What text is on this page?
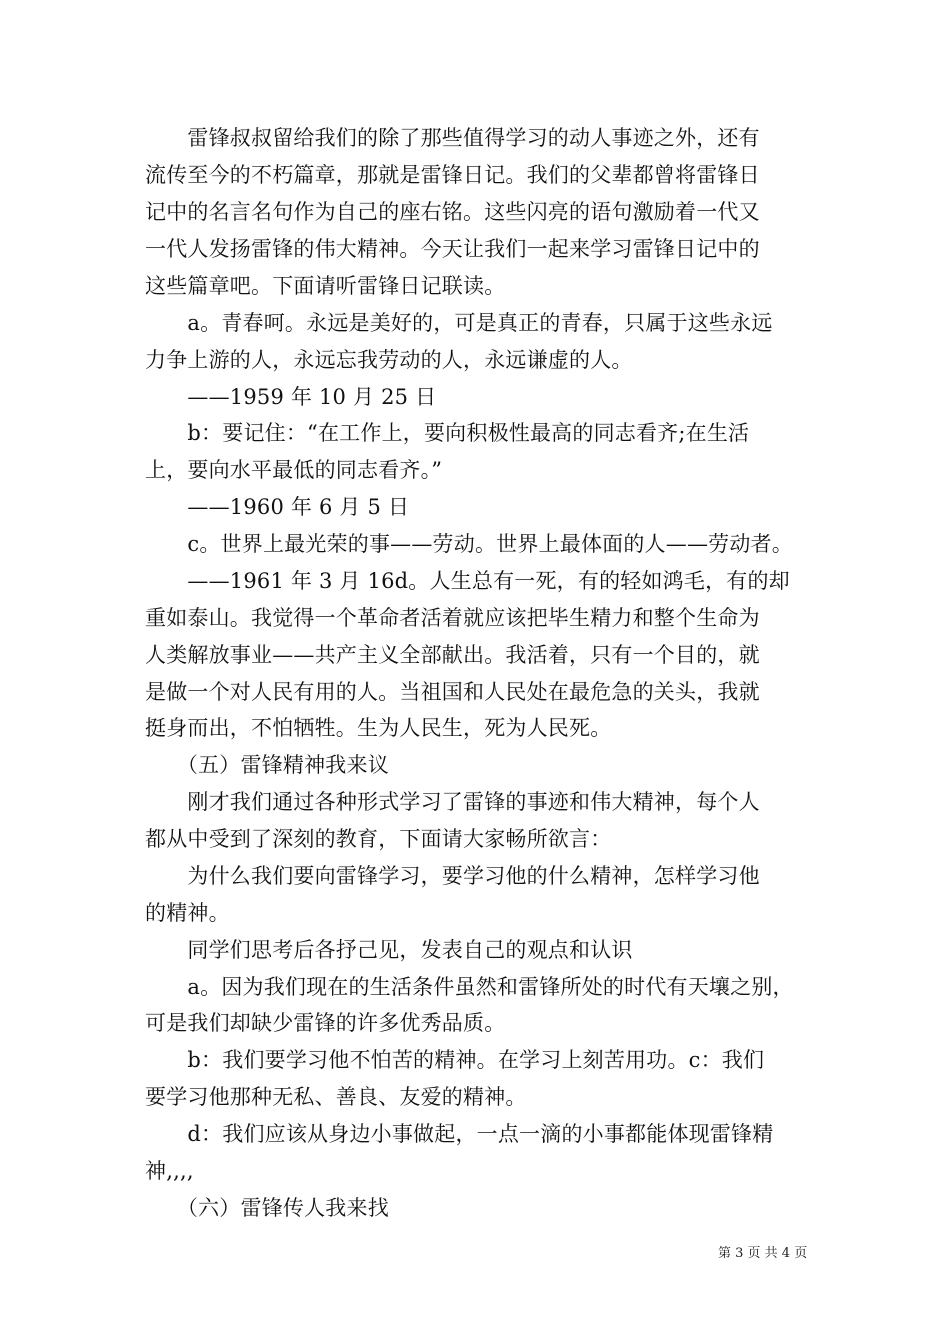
　　雷锋叔叔留给我们的除了那些值得学习的动人事迹之外，还有
流传至今的不朽篇章，那就是雷锋日记。我们的父辈都曾将雷锋日
记中的名言名句作为自己的座右铭。这些闪亮的语句激励着一代又
一代人发扬雷锋的伟大精神。今天让我们一起来学习雷锋日记中的
这些篇章吧。下面请听雷锋日记联读。
　　a。青春呵。永远是美好的，可是真正的青春，只属于这些永远
力争上游的人，永远忘我劳动的人，永远谦虚的人。
　　——1959 年 10 月 25 日
　　b：要记住：“在工作上，要向积极性最高的同志看齐;在生活
上，要向水平最低的同志看齐。”
　　——1960 年 6 月 5 日
　　c。世界上最光荣的事——劳动。世界上最体面的人——劳动者。
　　——1961 年 3 月 16d。人生总有一死，有的轻如鸿毛，有的却
重如泰山。我觉得一个革命者活着就应该把毕生精力和整个生命为
人类解放事业——共产主义全部献出。我活着，只有一个目的，就
是做一个对人民有用的人。当祖国和人民处在最危急的关头，我就
挺身而出，不怕牺牲。生为人民生，死为人民死。
　　（五）雷锋精神我来议
　　刚才我们通过各种形式学习了雷锋的事迹和伟大精神，每个人
都从中受到了深刻的教育，下面请大家畅所欲言：
　　为什么我们要向雷锋学习，要学习他的什么精神，怎样学习他
的精神。
　　同学们思考后各抒己见，发表自己的观点和认识
　　a。因为我们现在的生活条件虽然和雷锋所处的时代有天壤之别，
可是我们却缺少雷锋的许多优秀品质。
　　b：我们要学习他不怕苦的精神。在学习上刻苦用功。c：我们
要学习他那种无私、善良、友爱的精神。
　　d：我们应该从身边小事做起，一点一滴的小事都能体现雷锋精
神,,,,
　　（六）雷锋传人我来找
第 3 页 共 4 页
